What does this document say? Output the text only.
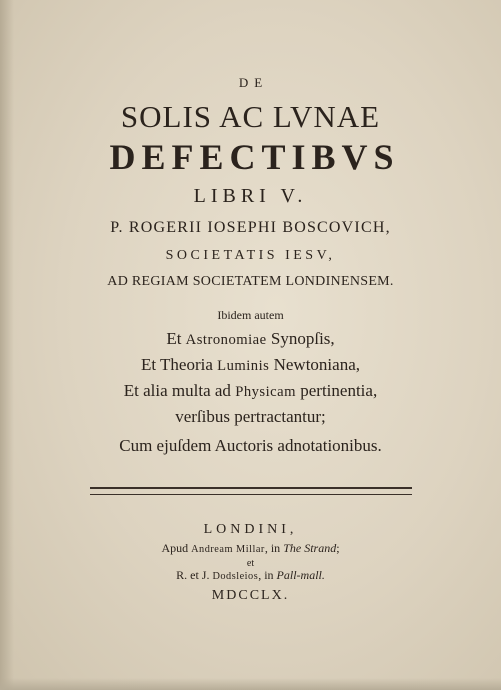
DE
SOLIS AC LVNAE
DEFECTIBVS
LIBRI V.
P. ROGERII IOSEPHI BOSCOVICH,
SOCIETATIS IESV,
AD REGIAM SOCIETATEM LONDINENSEM.
Ibidem autem
Et Astronomiae Synopſis,
Et Theoria Luminis Newtoniana,
Et alia multa ad Physicam pertinentia,
verſibus pertractantur;
Cum ejuſdem Auctoris adnotationibus.
LONDINI,
Apud Andream Millar, in The Strand;
et
R. et J. Dodsleios, in Pall-mall.
MDCCLX.
